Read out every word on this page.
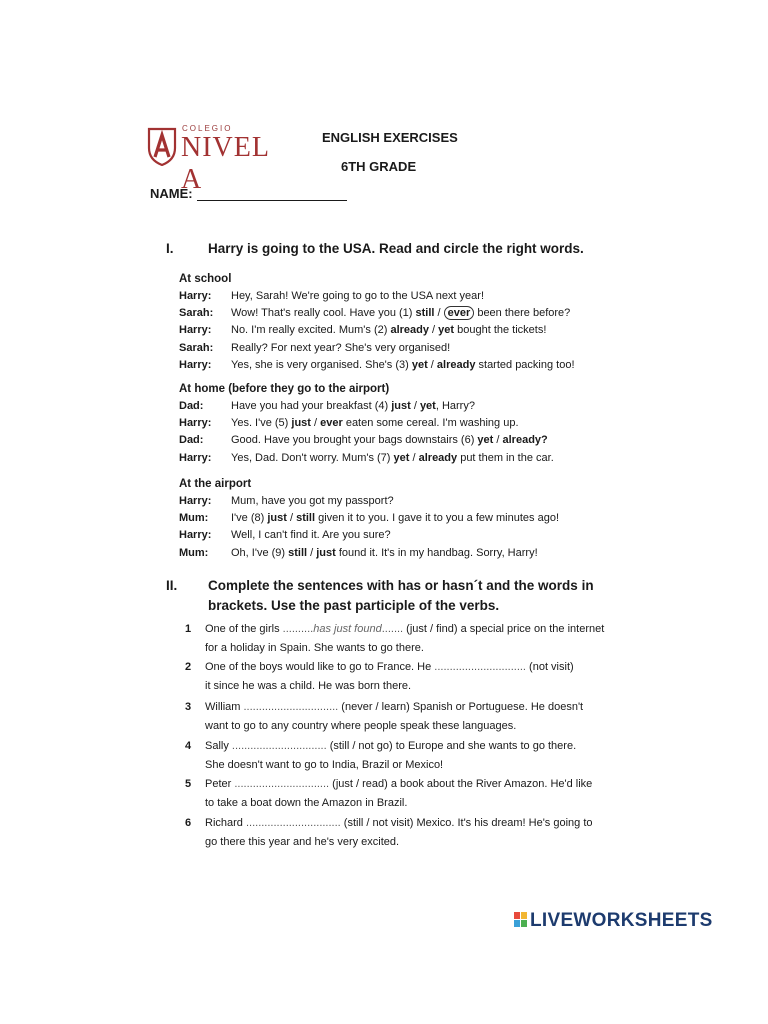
COLEGIO
NIVEL A
ENGLISH EXERCISES
6TH GRADE
NAME:
I.	Harry is going to the USA. Read and circle the right words.
At school
Harry: Hey, Sarah! We're going to go to the USA next year!
Sarah: Wow! That's really cool. Have you (1) still / ever been there before?
Harry: No. I'm really excited. Mum's (2) already / yet bought the tickets!
Sarah: Really? For next year? She's very organised!
Harry: Yes, she is very organised. She's (3) yet / already started packing too!
At home (before they go to the airport)
Dad:	Have you had your breakfast (4) just / yet, Harry?
Harry: Yes. I've (5) just / ever eaten some cereal. I'm washing up.
Dad:	Good. Have you brought your bags downstairs (6) yet / already?
Harry: Yes, Dad. Don't worry. Mum's (7) yet / already put them in the car.
At the airport
Harry: Mum, have you got my passport?
Mum: I've (8) just / still given it to you. I gave it to you a few minutes ago!
Harry: Well, I can't find it. Are you sure?
Mum: Oh, I've (9) still / just found it. It's in my handbag. Sorry, Harry!
II. Complete the sentences with has or hasn´t and the words in
brackets. Use the past participle of the verbs.
1 One of the girls ..........has just found....... (just / find) a special price on the internet
for a holiday in Spain. She wants to go there.
2 One of the boys would like to go to France. He .............................. (not visit)
it since he was a child. He was born there.
3 William ............................... (never / learn) Spanish or Portuguese. He doesn't
want to go to any country where people speak these languages.
4 Sally ............................... (still / not go) to Europe and she wants to go there.
She doesn't want to go to India, Brazil or Mexico!
5 Peter ............................... (just / read) a book about the River Amazon. He'd like
to take a boat down the Amazon in Brazil.
6 Richard ............................... (still / not visit) Mexico. It's his dream! He's going to
go there this year and he's very excited.
LIVEWORKSHEETS
